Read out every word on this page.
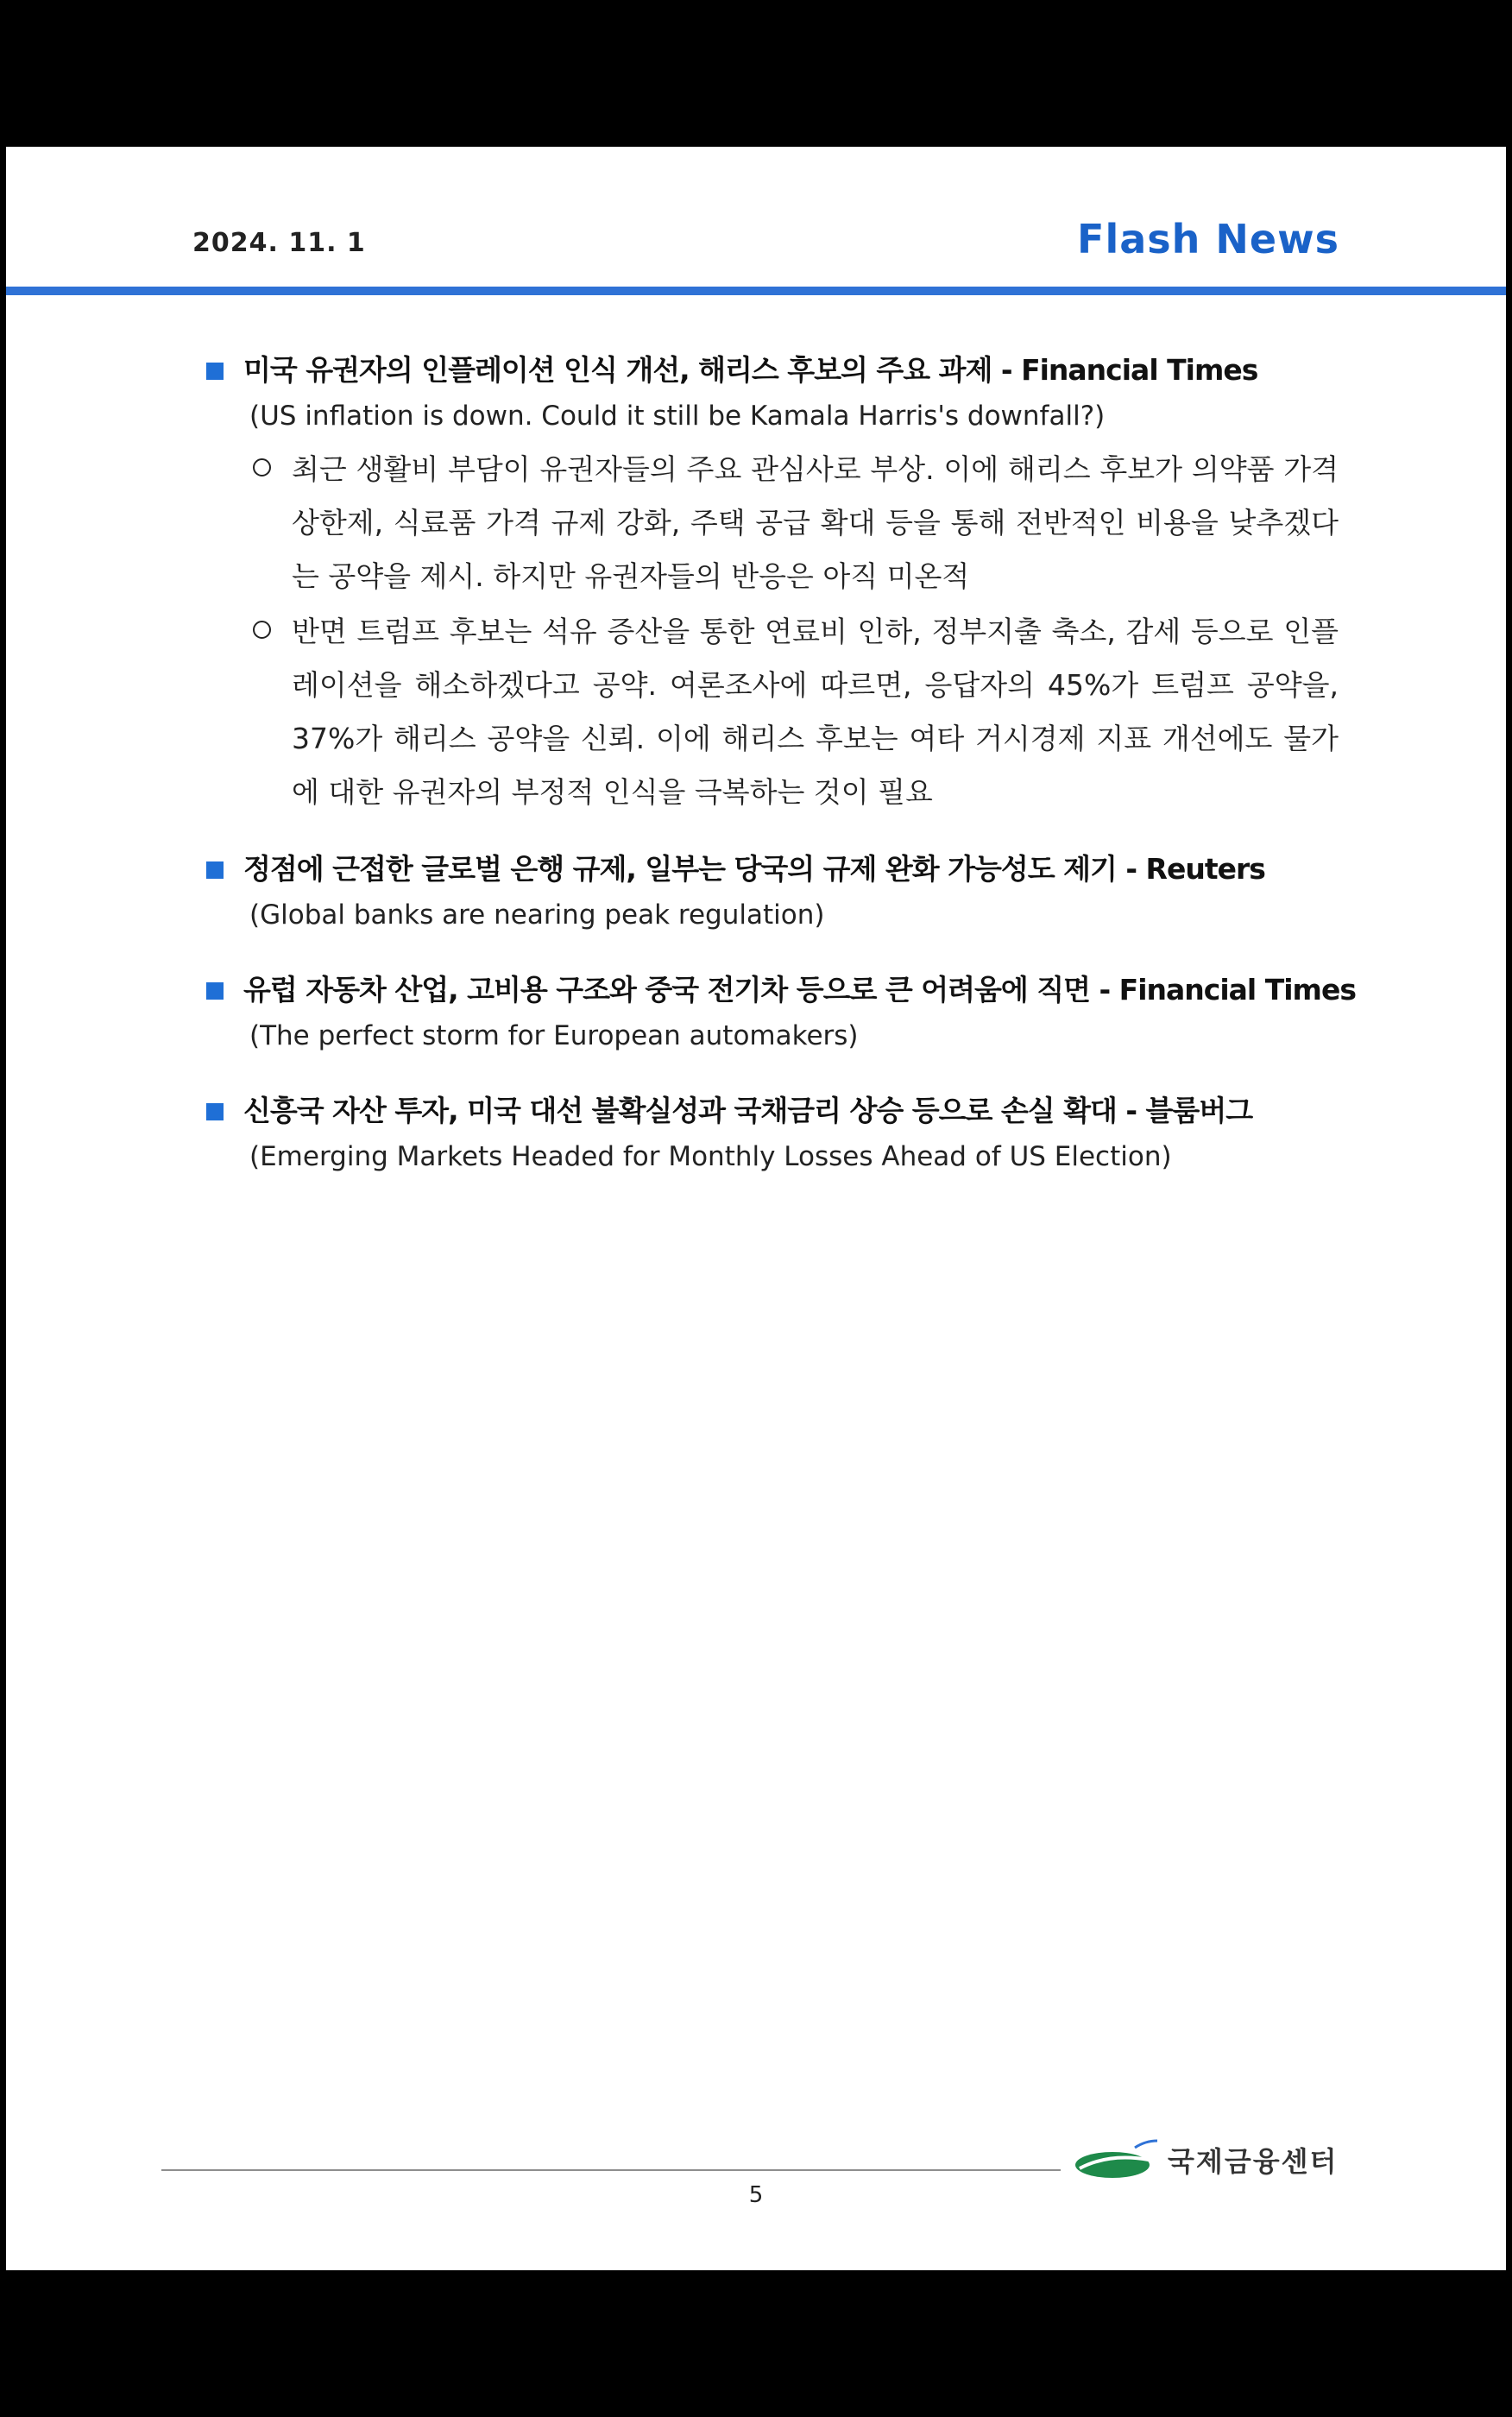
2024. 11. 1	Flash News
미국 유권자의 인플레이션 인식 개선, 해리스 후보의 주요 과제 - Financial Times
(US inflation is down. Could it still be Kamala Harris's downfall?)
최근 생활비 부담이 유권자들의 주요 관심사로 부상. 이에 해리스 후보가 의약품 가격 상한제, 식료품 가격 규제 강화, 주택 공급 확대 등을 통해 전반적인 비용을 낮추겠다는 공약을 제시. 하지만 유권자들의 반응은 아직 미온적
반면 트럼프 후보는 석유 증산을 통한 연료비 인하, 정부지출 축소, 감세 등으로 인플레이션을 해소하겠다고 공약. 여론조사에 따르면, 응답자의 45%가 트럼프 공약을, 37%가 해리스 공약을 신뢰. 이에 해리스 후보는 여타 거시경제 지표 개선에도 물가에 대한 유권자의 부정적 인식을 극복하는 것이 필요
정점에 근접한 글로벌 은행 규제, 일부는 당국의 규제 완화 가능성도 제기 - Reuters
(Global banks are nearing peak regulation)
유럽 자동차 산업, 고비용 구조와 중국 전기차 등으로 큰 어려움에 직면 - Financial Times
(The perfect storm for European automakers)
신흥국 자산 투자, 미국 대선 불확실성과 국채금리 상승 등으로 손실 확대 - 블룸버그
(Emerging Markets Headed for Monthly Losses Ahead of US Election)
5
국제금융센터
